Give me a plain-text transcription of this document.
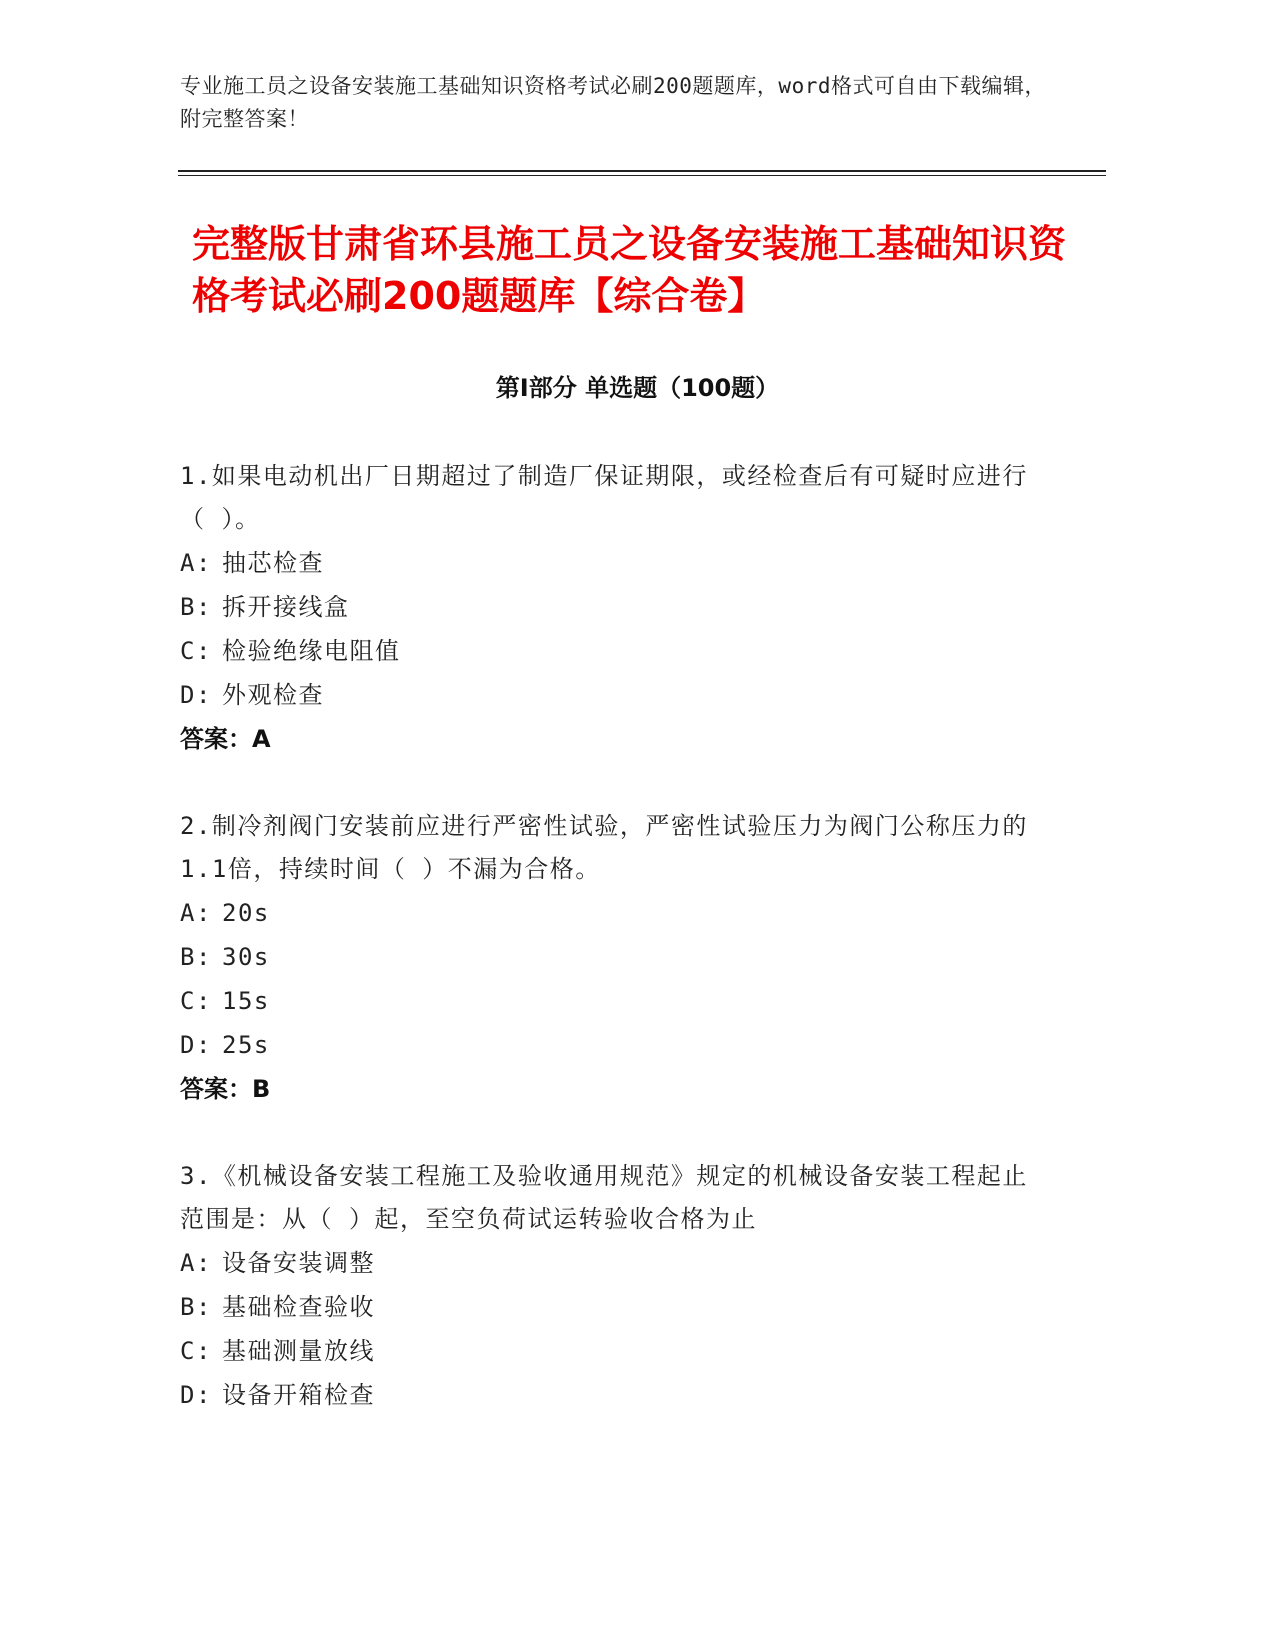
专业施工员之设备安装施工基础知识资格考试必刷200题题库，word格式可自由下载编辑，附完整答案！
完整版甘肃省环县施工员之设备安装施工基础知识资格考试必刷200题题库【综合卷】
第Ⅰ部分 单选题（100题）
1.如果电动机出厂日期超过了制造厂保证期限，或经检查后有可疑时应进行（ ）。
A: 抽芯检查
B: 拆开接线盒
C: 检验绝缘电阻值
D: 外观检查
答案：A
2.制冷剂阀门安装前应进行严密性试验，严密性试验压力为阀门公称压力的1.1倍，持续时间（ ）不漏为合格。
A: 20s
B: 30s
C: 15s
D: 25s
答案：B
3.《机械设备安装工程施工及验收通用规范》规定的机械设备安装工程起止范围是：从（ ）起，至空负荷试运转验收合格为止
A: 设备安装调整
B: 基础检查验收
C: 基础测量放线
D: 设备开箱检查
